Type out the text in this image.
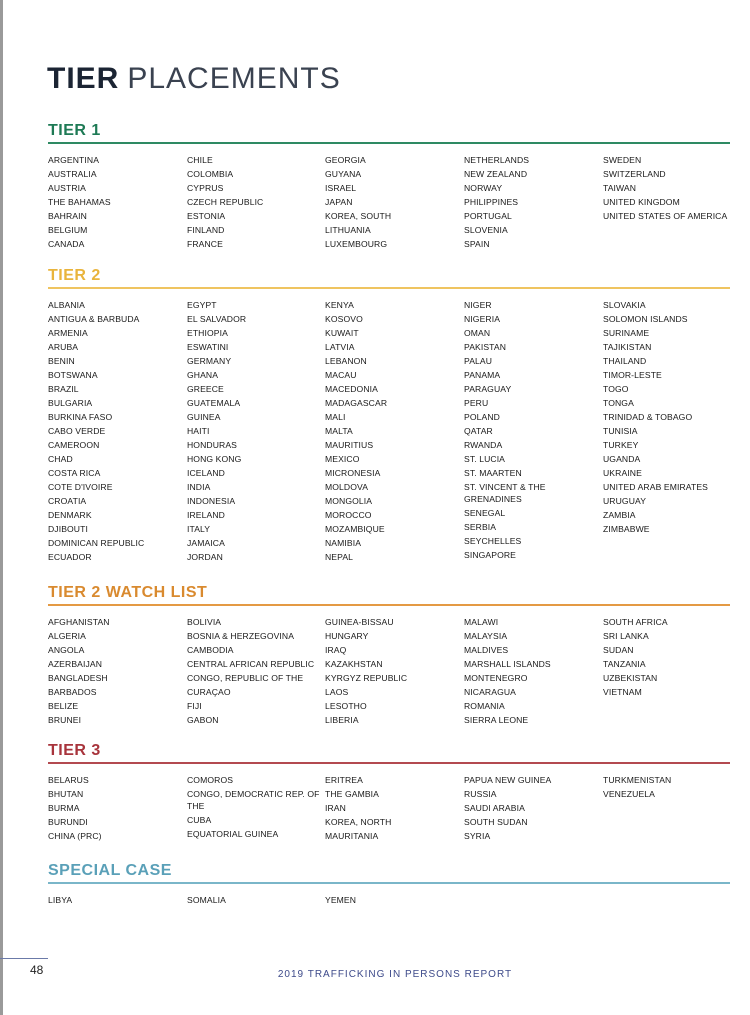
TIER PLACEMENTS
TIER 1
ARGENTINA
AUSTRALIA
AUSTRIA
THE BAHAMAS
BAHRAIN
BELGIUM
CANADA
CHILE
COLOMBIA
CYPRUS
CZECH REPUBLIC
ESTONIA
FINLAND
FRANCE
GEORGIA
GUYANA
ISRAEL
JAPAN
KOREA, SOUTH
LITHUANIA
LUXEMBOURG
NETHERLANDS
NEW ZEALAND
NORWAY
PHILIPPINES
PORTUGAL
SLOVENIA
SPAIN
SWEDEN
SWITZERLAND
TAIWAN
UNITED KINGDOM
UNITED STATES OF AMERICA
TIER 2
ALBANIA
ANTIGUA & BARBUDA
ARMENIA
ARUBA
BENIN
BOTSWANA
BRAZIL
BULGARIA
BURKINA FASO
CABO VERDE
CAMEROON
CHAD
COSTA RICA
COTE D'IVOIRE
CROATIA
DENMARK
DJIBOUTI
DOMINICAN REPUBLIC
ECUADOR
EGYPT
EL SALVADOR
ETHIOPIA
ESWATINI
GERMANY
GHANA
GREECE
GUATEMALA
GUINEA
HAITI
HONDURAS
HONG KONG
ICELAND
INDIA
INDONESIA
IRELAND
ITALY
JAMAICA
JORDAN
KENYA
KOSOVO
KUWAIT
LATVIA
LEBANON
MACAU
MACEDONIA
MADAGASCAR
MALI
MALTA
MAURITIUS
MEXICO
MICRONESIA
MOLDOVA
MONGOLIA
MOROCCO
MOZAMBIQUE
NAMIBIA
NEPAL
NIGER
NIGERIA
OMAN
PAKISTAN
PALAU
PANAMA
PARAGUAY
PERU
POLAND
QATAR
RWANDA
ST. LUCIA
ST. MAARTEN
ST. VINCENT & THE GRENADINES
SENEGAL
SERBIA
SEYCHELLES
SINGAPORE
SLOVAKIA
SOLOMON ISLANDS
SURINAME
TAJIKISTAN
THAILAND
TIMOR-LESTE
TOGO
TONGA
TRINIDAD & TOBAGO
TUNISIA
TURKEY
UGANDA
UKRAINE
UNITED ARAB EMIRATES
URUGUAY
ZAMBIA
ZIMBABWE
TIER 2 WATCH LIST
AFGHANISTAN
ALGERIA
ANGOLA
AZERBAIJAN
BANGLADESH
BARBADOS
BELIZE
BRUNEI
BOLIVIA
BOSNIA & HERZEGOVINA
CAMBODIA
CENTRAL AFRICAN REPUBLIC
CONGO, REPUBLIC OF THE
CURAÇAO
FIJI
GABON
GUINEA-BISSAU
HUNGARY
IRAQ
KAZAKHSTAN
KYRGYZ REPUBLIC
LAOS
LESOTHO
LIBERIA
MALAWI
MALAYSIA
MALDIVES
MARSHALL ISLANDS
MONTENEGRO
NICARAGUA
ROMANIA
SIERRA LEONE
SOUTH AFRICA
SRI LANKA
SUDAN
TANZANIA
UZBEKISTAN
VIETNAM
TIER 3
BELARUS
BHUTAN
BURMA
BURUNDI
CHINA (PRC)
COMOROS
CONGO, DEMOCRATIC REP. OF THE
CUBA
EQUATORIAL GUINEA
ERITREA
THE GAMBIA
IRAN
KOREA, NORTH
MAURITANIA
PAPUA NEW GUINEA
RUSSIA
SAUDI ARABIA
SOUTH SUDAN
SYRIA
TURKMENISTAN
VENEZUELA
SPECIAL CASE
LIBYA	SOMALIA	YEMEN
48	2019 TRAFFICKING IN PERSONS REPORT
